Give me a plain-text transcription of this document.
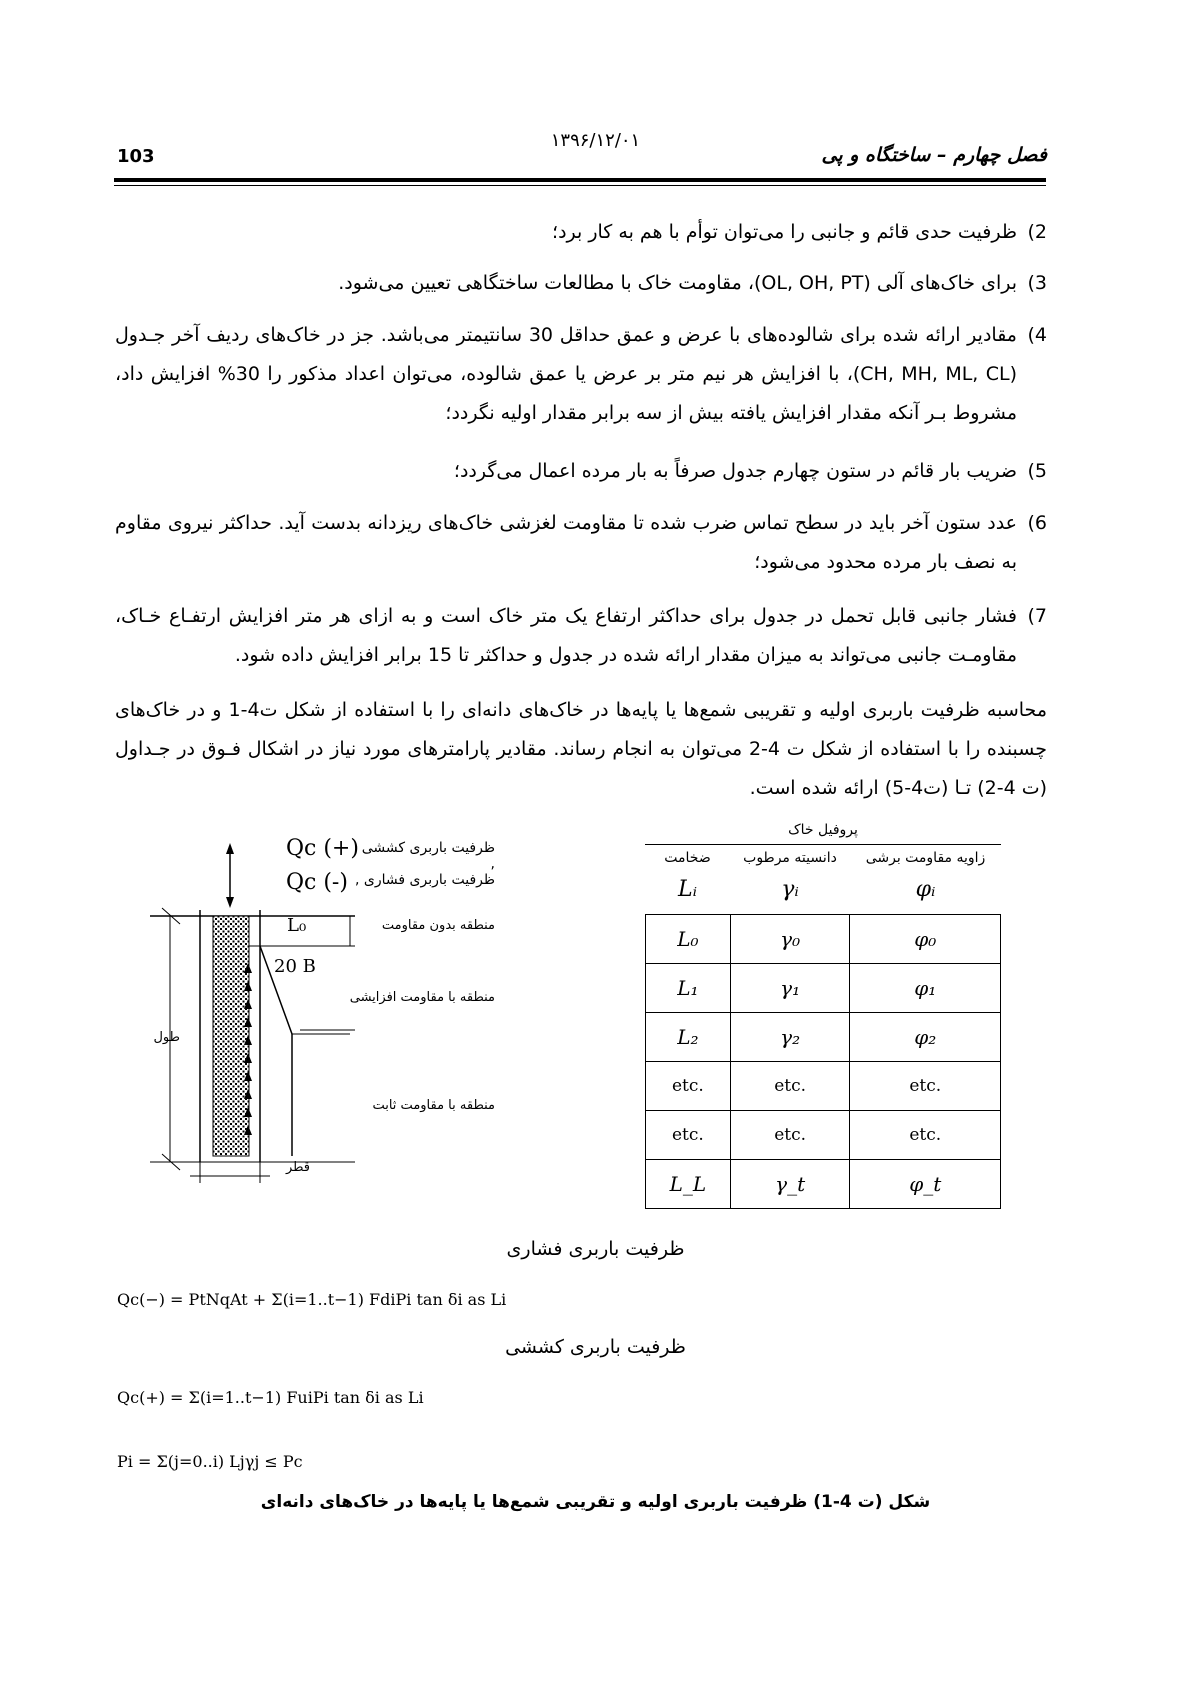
۱۳۹۶/۱۲/۰۱
103	فصل چهارم – ساختگاه و پی
2)
ظرفیت حدی قائم و جانبی را می‌توان توأم با هم به کار برد؛
3)
برای خاک‌های آلی (OL, OH, PT)، مقاومت خاک با مطالعات ساختگاهی تعیین می‌شود.
4)
مقادیر ارائه شده برای شالوده‌های با عرض و عمق حداقل 30 سانتیمتر می‌باشد. جز در خاک‌های ردیف آخر جـدول (CH, MH, ML, CL)، با افزایش هر نیم متر بر عرض یا عمق شالوده، می‌توان اعداد مذکور را 30% افزایش داد، مشروط بـر آنکه مقدار افزایش یافته بیش از سه برابر مقدار اولیه نگردد؛
5)
ضریب بار قائم در ستون چهارم جدول صرفاً به بار مرده اعمال می‌گردد؛
6)
عدد ستون آخر باید در سطح تماس ضرب شده تا مقاومت لغزشی خاک‌های ریزدانه بدست آید. حداکثر نیروی مقاوم به نصف بار مرده محدود می‌شود؛
7)
فشار جانبی قابل تحمل در جدول برای حداکثر ارتفاع یک متر خاک است و به ازای هر متر افزایش ارتفـاع خـاک، مقاومـت جانبی می‌تواند به میزان مقدار ارائه شده در جدول و حداکثر تا 15 برابر افزایش داده شود.
محاسبه ظرفیت باربری اولیه و تقریبی شمع‌ها یا پایه‌ها در خاک‌های دانه‌ای را با استفاده از شکل ت4-1 و در خاک‌های چسبنده را با استفاده از شکل ت 4-2 می‌توان به انجام رساند. مقادیر پارامترهای مورد نیاز در اشکال فـوق در جـداول (ت 4-2) تـا (ت4-5) ارائه شده است.
Qc (+)
Qc (-)
ظرفیت باربری کششی ,
ظرفیت باربری فشاری ,
L₀
20 B
منطقه بدون مقاومت
منطقه با مقاومت افزایشی
منطقه با مقاومت ثابت
طول
قطر
پروفیل خاک
ضخامت	دانسیته مرطوب	زاویه مقاومت برشی
Lᵢ	γᵢ	φᵢ
L₀	γ₀	φ₀
L₁	γ₁	φ₁
L₂	γ₂	φ₂
etc.	etc.	etc.
etc.	etc.	etc.
L_L	γ_t	φ_t
ظرفیت باربری فشاری
Qc(−) = PtNqAt + Σ(i=1..t−1) FdiPi tan δi as Li
ظرفیت باربری کششی
Qc(+) = Σ(i=1..t−1) FuiPi tan δi as Li
Pi = Σ(j=0..i) Ljγj ≤ Pc
شکل (ت 4-1) ظرفیت باربری اولیه و تقریبی شمع‌ها یا پایه‌ها در خاک‌های دانه‌ای
